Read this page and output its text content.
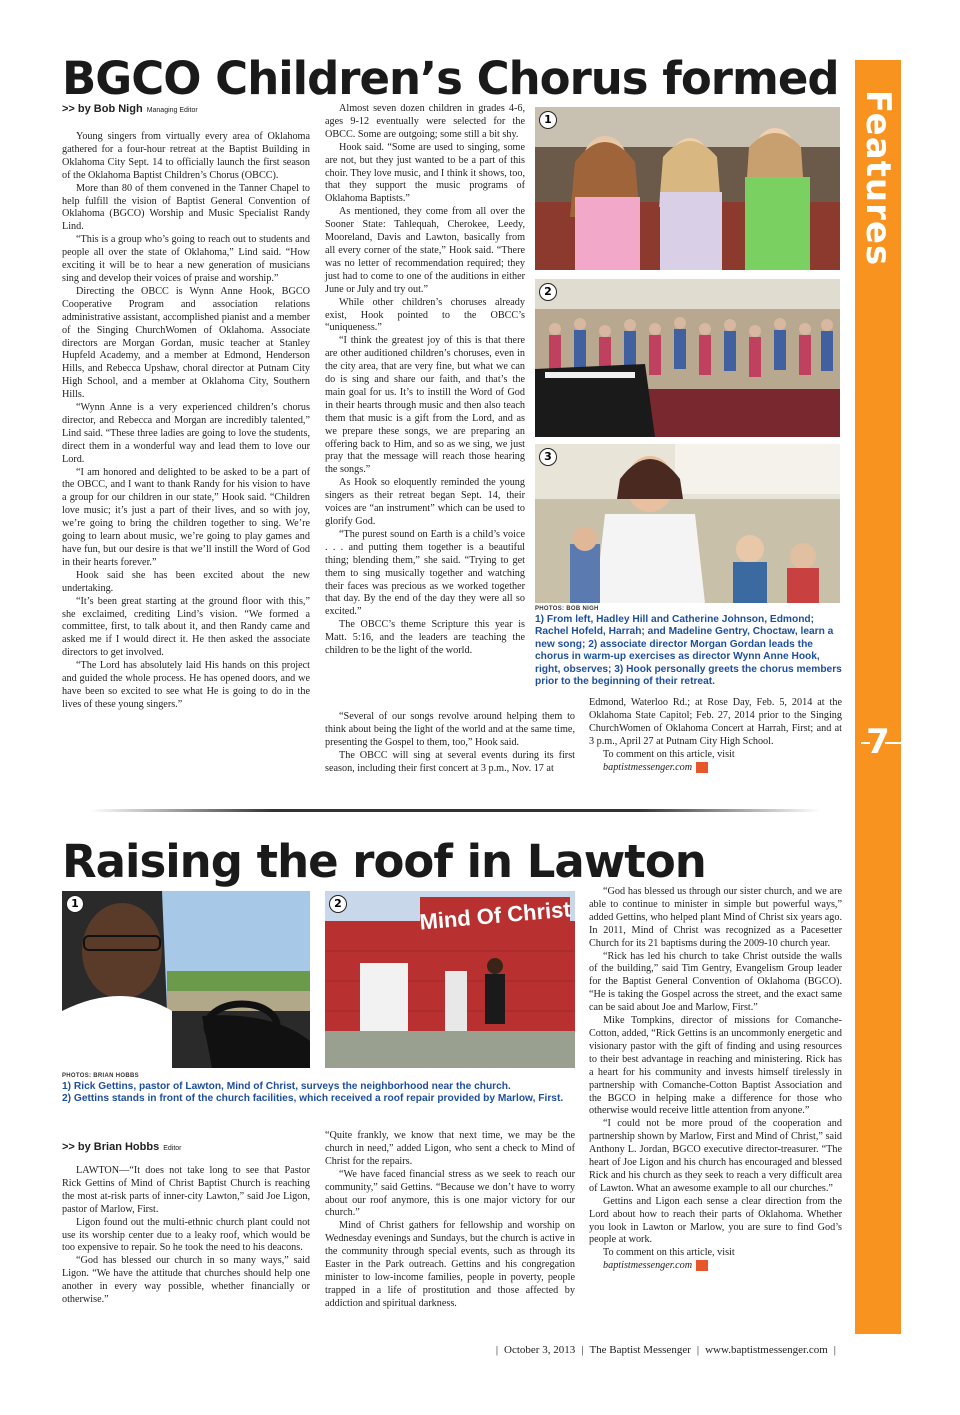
Features
7
BGCO Children’s Chorus formed
>> by Bob Nigh Managing Editor

Young singers from virtually every area of Oklahoma gathered for a four-hour retreat at the Baptist Building in Oklahoma City Sept. 14 to officially launch the first season of the Oklahoma Baptist Children’s Chorus (OBCC).

More than 80 of them convened in the Tanner Chapel to help fulfill the vision of Baptist General Convention of Oklahoma (BGCO) Worship and Music Specialist Randy Lind.

“This is a group who’s going to reach out to students and people all over the state of Oklahoma,” Lind said. “How exciting it will be to hear a new generation of musicians sing and develop their voices of praise and worship.”

Directing the OBCC is Wynn Anne Hook, BGCO Cooperative Program and association relations administrative assistant, accomplished pianist and a member of the Singing ChurchWomen of Oklahoma. Associate directors are Morgan Gordan, music teacher at Stanley Hupfeld Academy, and a member at Edmond, Henderson Hills, and Rebecca Upshaw, choral director at Putnam City High School, and a member at Oklahoma City, Southern Hills.

“Wynn Anne is a very experienced children’s chorus director, and Rebecca and Morgan are incredibly talented,” Lind said. “These three ladies are going to love the students, direct them in a wonderful way and lead them to love our Lord.

“I am honored and delighted to be asked to be a part of the OBCC, and I want to thank Randy for his vision to have a group for our children in our state,” Hook said. “Children love music; it’s just a part of their lives, and so with joy, we’re going to bring the children together to sing. We’re going to learn about music, we’re going to play games and have fun, but our desire is that we’ll instill the Word of God in their hearts forever.”

Hook said she has been excited about the new undertaking.

“It’s been great starting at the ground floor with this,” she exclaimed, crediting Lind’s vision. “We formed a committee, first, to talk about it, and then Randy came and asked me if I would direct it. He then asked the associate directors to get involved.

“The Lord has absolutely laid His hands on this project and guided the whole process. He has opened doors, and we have been so excited to see what He is going to do in the lives of these young singers.”

Almost seven dozen children in grades 4-6, ages 9-12 eventually were selected for the OBCC. Some are outgoing; some still a bit shy.

Hook said. “Some are used to singing, some are not, but they just wanted to be a part of this choir. They love music, and I think it shows, too, that they support the music programs of Oklahoma Baptists.”

As mentioned, they come from all over the Sooner State: Tahlequah, Cherokee, Leedy, Mooreland, Davis and Lawton, basically from all every corner of the state,” Hook said. “There was no letter of recommendation required; they just had to come to one of the auditions in either June or July and try out.”

While other children’s choruses already exist, Hook pointed to the OBCC’s “uniqueness.”

“I think the greatest joy of this is that there are other auditioned children’s choruses, even in the city area, that are very fine, but what we can do is sing and share our faith, and that’s the main goal for us. It’s to instill the Word of God in their hearts through music and then also teach them that music is a gift from the Lord, and as we prepare these songs, we are preparing an offering back to Him, and so as we sing, we just pray that the message will reach those hearing the songs.”

As Hook so eloquently reminded the young singers as their retreat began Sept. 14, their voices are “an instrument” which can be used to glorify God.

“The purest sound on Earth is a child’s voice . . . and putting them together is a beautiful thing; blending them,” she said. “Trying to get them to sing musically together and watching their faces was precious as we worked together that day. By the end of the day they were all so excited.”

The OBCC’s theme Scripture this year is Matt. 5:16, and the leaders are teaching the children to be the light of the world.

“Several of our songs revolve around helping them to think about being the light of the world and at the same time, presenting the Gospel to them, too,” Hook said.

The OBCC will sing at several events during its first season, including their first concert at 3 p.m., Nov. 17 at

Edmond, Waterloo Rd.; at Rose Day, Feb. 5, 2014 at the Oklahoma State Capitol; Feb. 27, 2014 prior to the Singing ChurchWomen of Oklahoma Concert at Harrah, First; and at 3 p.m., April 27 at Putnam City High School.

To comment on this article, visit

baptistmessenger.com m

1
2
3
PHOTOS: BOB NIGH
1) From left, Hadley Hill and Catherine Johnson, Edmond; Rachel Hofeld, Harrah; and Madeline Gentry, Choctaw, learn a new song; 2) associate director Morgan Gordan leads the chorus in warm-up exercises as director Wynn Anne Hook, right, observes; 3) Hook personally greets the chorus members prior to the beginning of their retreat.
Raising the roof in Lawton
1	Mind Of Christ
2
PHOTOS: BRIAN HOBBS
1) Rick Gettins, pastor of Lawton, Mind of Christ, surveys the neighborhood near the church.
2) Gettins stands in front of the church facilities, which received a roof repair provided by Marlow, First.
>> by Brian Hobbs Editor

LAWTON—“It does not take long to see that Pastor Rick Gettins of Mind of Christ Baptist Church is reaching the most at-risk parts of inner-city Lawton,” said Joe Ligon, pastor of Marlow, First.

Ligon found out the multi-ethnic church plant could not use its worship center due to a leaky roof, which would be too expensive to repair. So he took the need to his deacons.

“God has blessed our church in so many ways,” said Ligon. “We have the attitude that churches should help one another in every way possible, whether financially or otherwise.”

“Quite frankly, we know that next time, we may be the church in need,” added Ligon, who sent a check to Mind of Christ for the repairs.

“We have faced financial stress as we seek to reach our community,” said Gettins. “Because we don’t have to worry about our roof anymore, this is one major victory for our church.”

Mind of Christ gathers for fellowship and worship on Wednesday evenings and Sundays, but the church is active in the community through special events, such as through its Easter in the Park outreach. Gettins and his congregation minister to low-income families, people in poverty, people trapped in a life of prostitution and those affected by addiction and spiritual darkness.

“God has blessed us through our sister church, and we are able to continue to minister in simple but powerful ways,” added Gettins, who helped plant Mind of Christ six years ago. In 2011, Mind of Christ was recognized as a Pacesetter Church for its 21 baptisms during the 2009-10 church year.

“Rick has led his church to take Christ outside the walls of the building,” said Tim Gentry, Evangelism Group leader for the Baptist General Convention of Oklahoma (BGCO). “He is taking the Gospel across the street, and the exact same can be said about Joe and Marlow, First.”

Mike Tompkins, director of missions for Comanche-Cotton, added, “Rick Gettins is an uncommonly energetic and visionary pastor with the gift of finding and using resources to their best advantage in reaching and ministering. Rick has a heart for his community and invests himself tirelessly in partnership with Comanche-Cotton Baptist Association and the BGCO in helping make a difference for those who otherwise would receive little attention from anyone.”

“I could not be more proud of the cooperation and partnership shown by Marlow, First and Mind of Christ,” said Anthony L. Jordan, BGCO executive director-treasurer. “The heart of Joe Ligon and his church has encouraged and blessed Rick and his church as they seek to reach a very difficult area of Lawton. What an awesome example to all our churches.”

Gettins and Ligon each sense a clear direction from the Lord about how to reach their parts of Oklahoma. Whether you look in Lawton or Marlow, you are sure to find God’s people at work.

To comment on this article, visit

baptistmessenger.com m

| October 3, 2013 | The Baptist Messenger | www.baptistmessenger.com |
